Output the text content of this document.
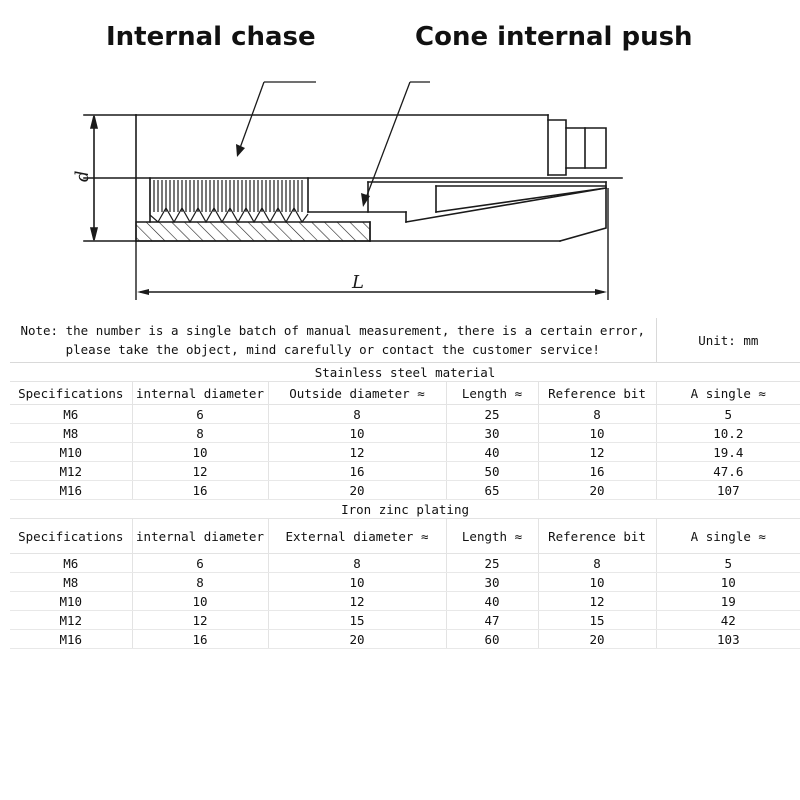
Internal chase	Cone internal push
d
L
Note: the number is a single batch of manual measurement, there is a certain error,
please take the object, mind carefully or contact the customer service!					Unit: mm
Stainless steel material					
Specifications	internal diameter	Outside diameter ≈	Length ≈	Reference bit	A single ≈
M6	6	8	25	8	5
M8	8	10	30	10	10.2
M10	10	12	40	12	19.4
M12	12	16	50	16	47.6
M16	16	20	65	20	107
Iron zinc plating					
Specifications	internal diameter	External diameter ≈	Length ≈	Reference bit	A single ≈
M6	6	8	25	8	5
M8	8	10	30	10	10
M10	10	12	40	12	19
M12	12	15	47	15	42
M16	16	20	60	20	103
